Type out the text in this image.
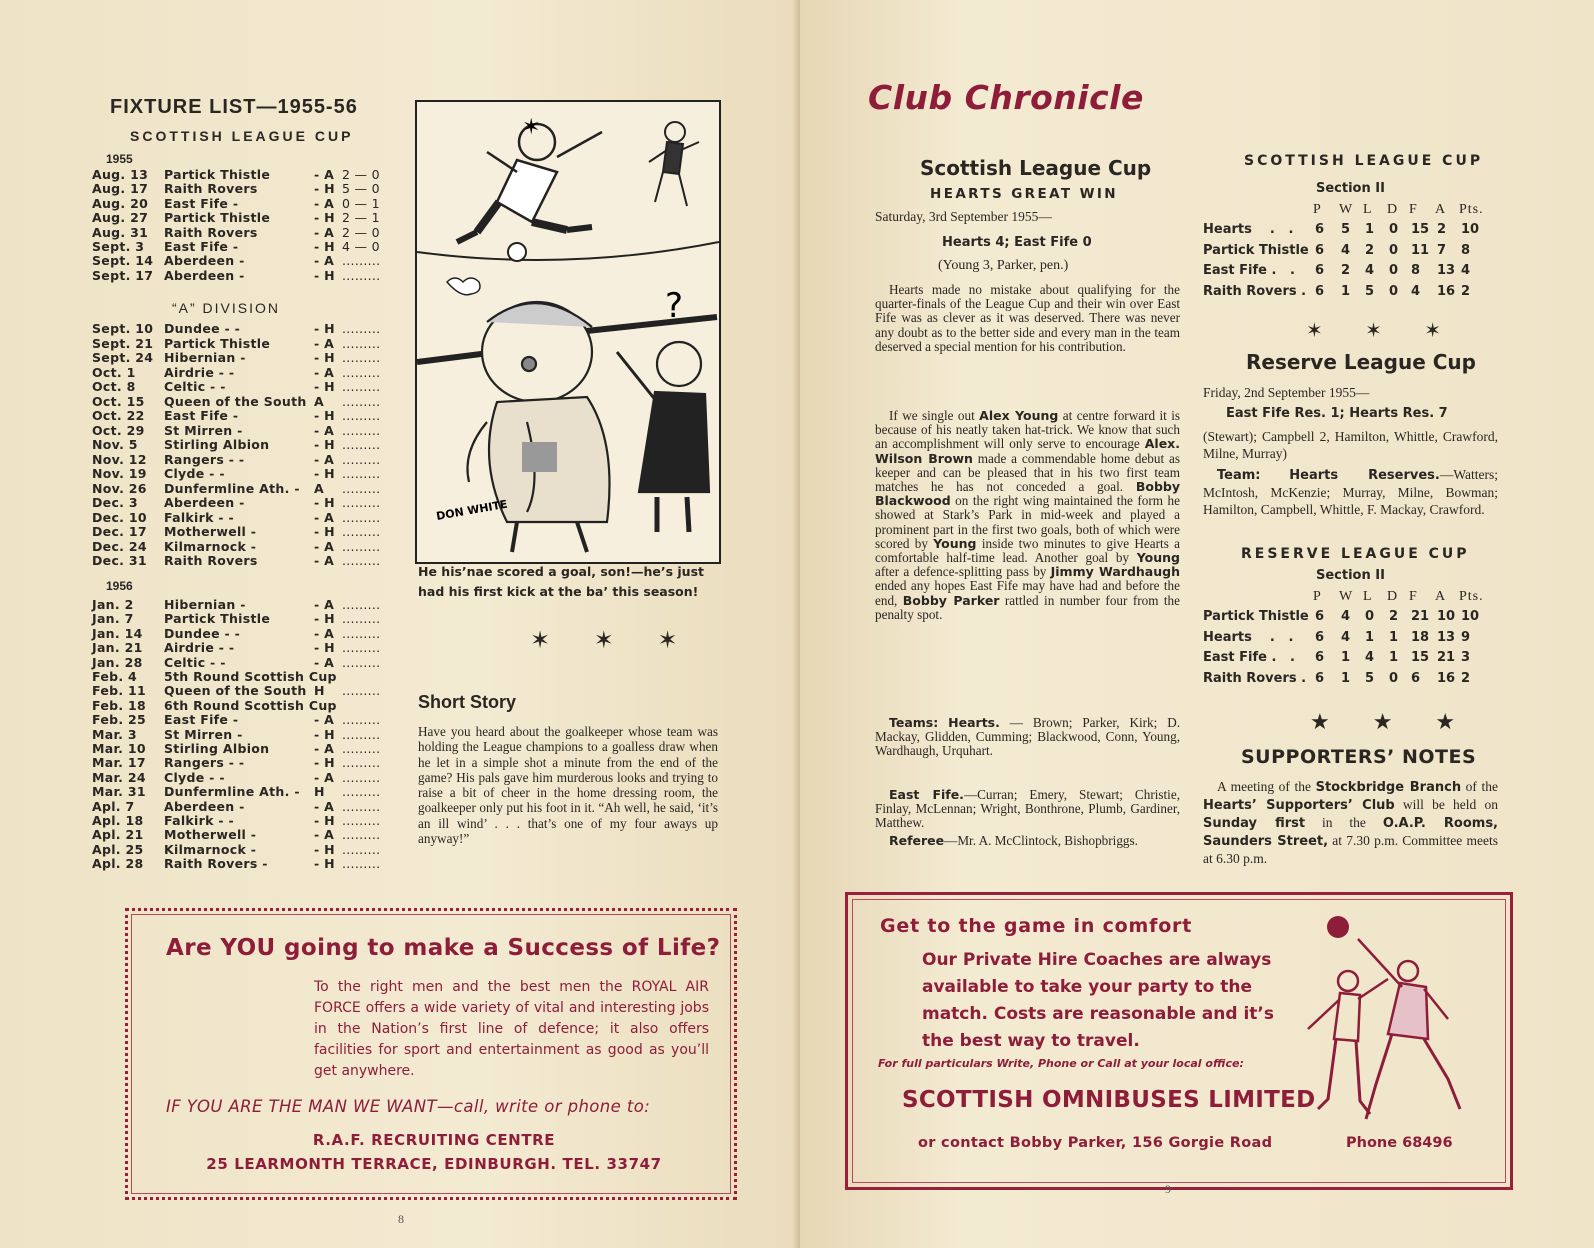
FIXTURE LIST—1955-56
SCOTTISH LEAGUE CUP
1955
Aug. 13 Partick Thistle	- A 2 — 0
Aug. 17 Raith Rovers	- H 5 — 0
Aug. 20 East Fife -	- A 0 — 1
Aug. 27 Partick Thistle	- H 2 — 1
Aug. 31 Raith Rovers	- A 2 — 0
Sept. 3 East Fife -	- H 4 — 0
Sept. 14 Aberdeen -	- A .........
Sept. 17 Aberdeen -	- H .........
“A” DIVISION
Sept. 10 Dundee - -	- H .........
Sept. 21 Partick Thistle	- A .........
Sept. 24 Hibernian -	- H .........
Oct. 1 Airdrie - -	- A .........
Oct. 8 Celtic - -	- H .........
Oct. 15 Queen of the South A .........
Oct. 22 East Fife -	- H .........
Oct. 29 St Mirren -	- A .........
Nov. 5 Stirling Albion	- H .........
Nov. 12 Rangers - -	- A .........
Nov. 19 Clyde - -	- H .........
Nov. 26 Dunfermline Ath. - A .........
Dec. 3 Aberdeen -	- H .........
Dec. 10 Falkirk - -	- A .........
Dec. 17 Motherwell -	- H .........
Dec. 24 Kilmarnock -	- A .........
Dec. 31 Raith Rovers	- A .........
1956
Jan. 2 Hibernian -	- A .........
Jan. 7 Partick Thistle	- H .........
Jan. 14 Dundee - -	- A .........
Jan. 21 Airdrie - -	- H .........
Jan. 28 Celtic - -	- A .........
Feb. 4 5th Round Scottish Cup
Feb. 11 Queen of the South H .........
Feb. 18 6th Round Scottish Cup
Feb. 25 East Fife -	- A .........
Mar. 3 St Mirren -	- H .........
Mar. 10 Stirling Albion	- A .........
Mar. 17 Rangers - -	- H .........
Mar. 24 Clyde - -	- A .........
Mar. 31 Dunfermline Ath. - H .........
Apl. 7 Aberdeen -	- A .........
Apl. 18 Falkirk - -	- H .........
Apl. 21 Motherwell -	- A .........
Apl. 25 Kilmarnock -	- H .........
Apl. 28 Raith Rovers -	- H .........
✶
?
DON WHITE
He his’nae scored a goal, son!—he’s just had his first kick at the ba’ this season!
✶ ✶ ✶
Short Story
Have you heard about the goalkeeper whose team was holding the League champions to a goalless draw when he let in a simple shot a minute from the end of the game? His pals gave him murderous looks and trying to raise a bit of cheer in the home dressing room, the goalkeeper only put his foot in it. “Ah well, he said, ‘it’s an ill wind’ . . . that’s one of my four aways up anyway!”
Are YOU going to make a Success of Life?
To the right men and the best men the ROYAL AIR FORCE offers a wide variety of vital and interesting jobs in the Nation’s first line of defence; it also offers facilities for sport and entertainment as good as you’ll get anywhere.
IF YOU ARE THE MAN WE WANT—call, write or phone to:
R.A.F. RECRUITING CENTRE
25 LEARMONTH TERRACE, EDINBURGH. TEL. 33747
8
Club Chronicle
Scottish League Cup
HEARTS GREAT WIN
Saturday, 3rd September 1955—
Hearts 4; East Fife 0
(Young 3, Parker, pen.)
Hearts made no mistake about qualifying for the quarter-finals of the League Cup and their win over East Fife was as clever as it was deserved. There was never any doubt as to the better side and every man in the team deserved a special mention for his contribution.
If we single out Alex Young at centre forward it is because of his neatly taken hat-trick. We know that such an accomplishment will only serve to encourage Alex. Wilson Brown made a commendable home debut as keeper and can be pleased that in his two first team matches he has not conceded a goal. Bobby Blackwood on the right wing maintained the form he showed at Stark’s Park in mid-week and played a prominent part in the first two goals, both of which were scored by Young inside two minutes to give Hearts a comfortable half-time lead. Another goal by Young after a defence-splitting pass by Jimmy Wardhaugh ended any hopes East Fife may have had and before the end, Bobby Parker rattled in number four from the penalty spot.
Teams: Hearts. — Brown; Parker, Kirk; D. Mackay, Glidden, Cumming; Blackwood, Conn, Young, Wardhaugh, Urquhart.
East Fife.—Curran; Emery, Stewart; Christie, Finlay, McLennan; Wright, Bonthrone, Plumb, Gardiner, Matthew.
Referee—Mr. A. McClintock, Bishopbriggs.
SCOTTISH LEAGUE CUP
Section II
P W L D F A Pts.
Hearts    .   . 6 5 1 0 15 2 10
Partick Thistle 6 4 2 0 11 7 8
East Fife .   . 6 2 4 0 8 13 4
Raith Rovers . 6 1 5 0 4 16 2
✶ ✶ ✶
Reserve League Cup
Friday, 2nd September 1955—
East Fife Res. 1; Hearts Res. 7
(Stewart); Campbell 2, Hamilton, Whittle, Crawford, Milne, Murray)
Team: Hearts Reserves.—Watters; McIntosh, McKenzie; Murray, Milne, Bowman; Hamilton, Campbell, Whittle, F. Mackay, Crawford.
RESERVE LEAGUE CUP
Section II
P W L D F A Pts.
Partick Thistle 6 4 0 2 21 10 10
Hearts    .   . 6 4 1 1 18 13 9
East Fife .   . 6 1 4 1 15 21 3
Raith Rovers . 6 1 5 0 6 16 2
★ ★ ★
SUPPORTERS’ NOTES
A meeting of the Stockbridge Branch of the Hearts’ Supporters’ Club will be held on Sunday first in the O.A.P. Rooms, Saunders Street, at 7.30 p.m. Committee meets at 6.30 p.m.
Get to the game in comfort
Our Private Hire Coaches are always available to take your party to the match. Costs are reasonable and it’s the best way to travel.
For full particulars Write, Phone or Call at your local office:
SCOTTISH OMNIBUSES LIMITED
or contact Bobby Parker, 156 Gorgie Road	Phone 68496
9
